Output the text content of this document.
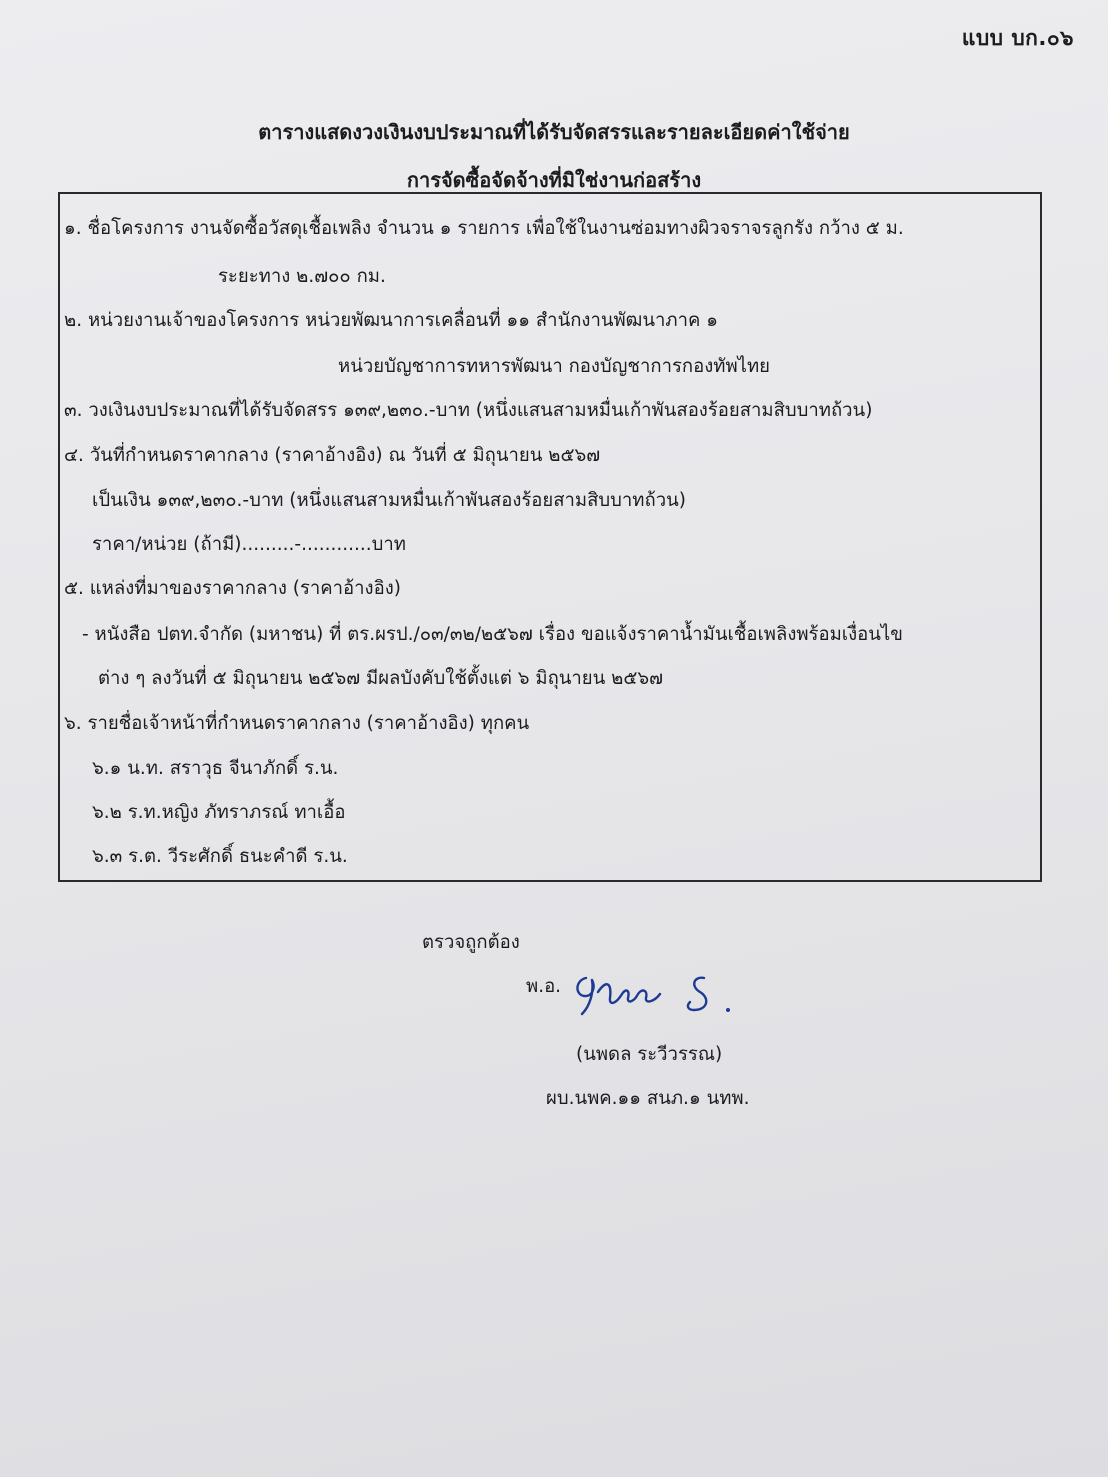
แบบ บก.๐๖
ตารางแสดงวงเงินงบประมาณที่ได้รับจัดสรรและรายละเอียดค่าใช้จ่าย
การจัดซื้อจัดจ้างที่มิใช่งานก่อสร้าง

๑. ชื่อโครงการ งานจัดซื้อวัสดุเชื้อเพลิง จำนวน ๑ รายการ เพื่อใช้ในงานซ่อมทางผิวจราจรลูกรัง กว้าง ๕ ม.

ระยะทาง ๒.๗๐๐ กม.

๒. หน่วยงานเจ้าของโครงการ หน่วยพัฒนาการเคลื่อนที่ ๑๑ สำนักงานพัฒนาภาค ๑

หน่วยบัญชาการทหารพัฒนา กองบัญชาการกองทัพไทย

๓. วงเงินงบประมาณที่ได้รับจัดสรร ๑๓๙,๒๓๐.-บาท (หนึ่งแสนสามหมื่นเก้าพันสองร้อยสามสิบบาทถ้วน)

๔. วันที่กำหนดราคากลาง (ราคาอ้างอิง) ณ วันที่ ๕ มิถุนายน ๒๕๖๗

เป็นเงิน ๑๓๙,๒๓๐.-บาท (หนึ่งแสนสามหมื่นเก้าพันสองร้อยสามสิบบาทถ้วน)

ราคา/หน่วย (ถ้ามี).........-............บาท

๕. แหล่งที่มาของราคากลาง (ราคาอ้างอิง)

- หนังสือ ปตท.จำกัด (มหาชน) ที่ ตร.ผรป./๐๓/๓๒/๒๕๖๗ เรื่อง ขอแจ้งราคาน้ำมันเชื้อเพลิงพร้อมเงื่อนไข

ต่าง ๆ ลงวันที่ ๕ มิถุนายน ๒๕๖๗ มีผลบังคับใช้ตั้งแต่ ๖ มิถุนายน ๒๕๖๗

๖. รายชื่อเจ้าหน้าที่กำหนดราคากลาง (ราคาอ้างอิง) ทุกคน

๖.๑ น.ท. สราวุธ จีนาภักดิ์ ร.น.

๖.๒ ร.ท.หญิง ภัทราภรณ์ ทาเอื้อ

๖.๓ ร.ต. วีระศักดิ์ ธนะคำดี ร.น.

ตรวจถูกต้อง

พ.อ.

(นพดล ระวีวรรณ)

ผบ.นพค.๑๑ สนภ.๑ นทพ.
